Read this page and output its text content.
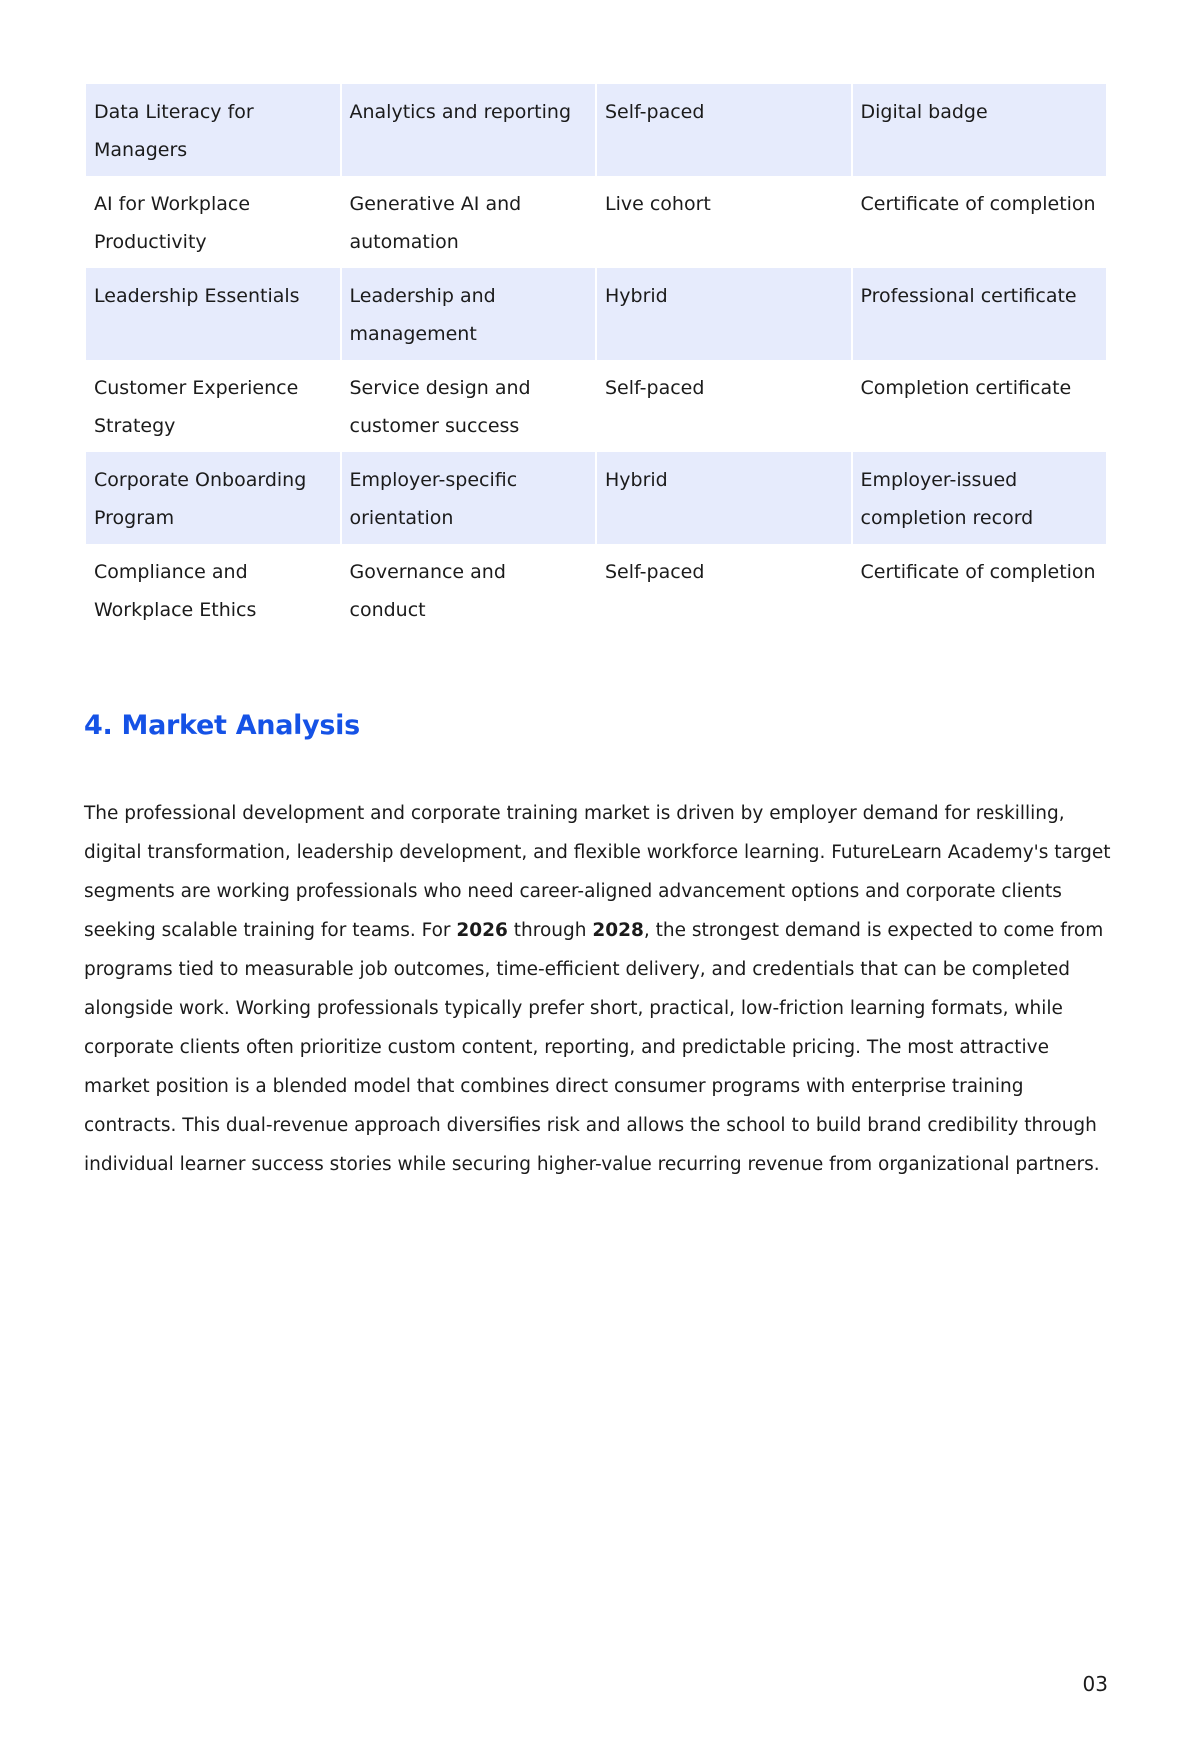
Data Literacy for Managers	Analytics and reporting	Self-paced	Digital badge
AI for Workplace Productivity	Generative AI and automation	Live cohort	Certificate of completion
Leadership Essentials	Leadership and management	Hybrid	Professional certificate
Customer Experience Strategy	Service design and customer success	Self-paced	Completion certificate
Corporate Onboarding Program	Employer-specific orientation	Hybrid	Employer-issued completion record
Compliance and Workplace Ethics	Governance and conduct	Self-paced	Certificate of completion
4. Market Analysis

The professional development and corporate training market is driven by employer demand for reskilling, digital transformation, leadership development, and flexible workforce learning. FutureLearn Academy's target segments are working professionals who need career-aligned advancement options and corporate clients seeking scalable training for teams. For 2026 through 2028, the strongest demand is expected to come from programs tied to measurable job outcomes, time-efficient delivery, and credentials that can be completed alongside work. Working professionals typically prefer short, practical, low-friction learning formats, while corporate clients often prioritize custom content, reporting, and predictable pricing. The most attractive market position is a blended model that combines direct consumer programs with enterprise training contracts. This dual-revenue approach diversifies risk and allows the school to build brand credibility through individual learner success stories while securing higher-value recurring revenue from organizational partners.

03
